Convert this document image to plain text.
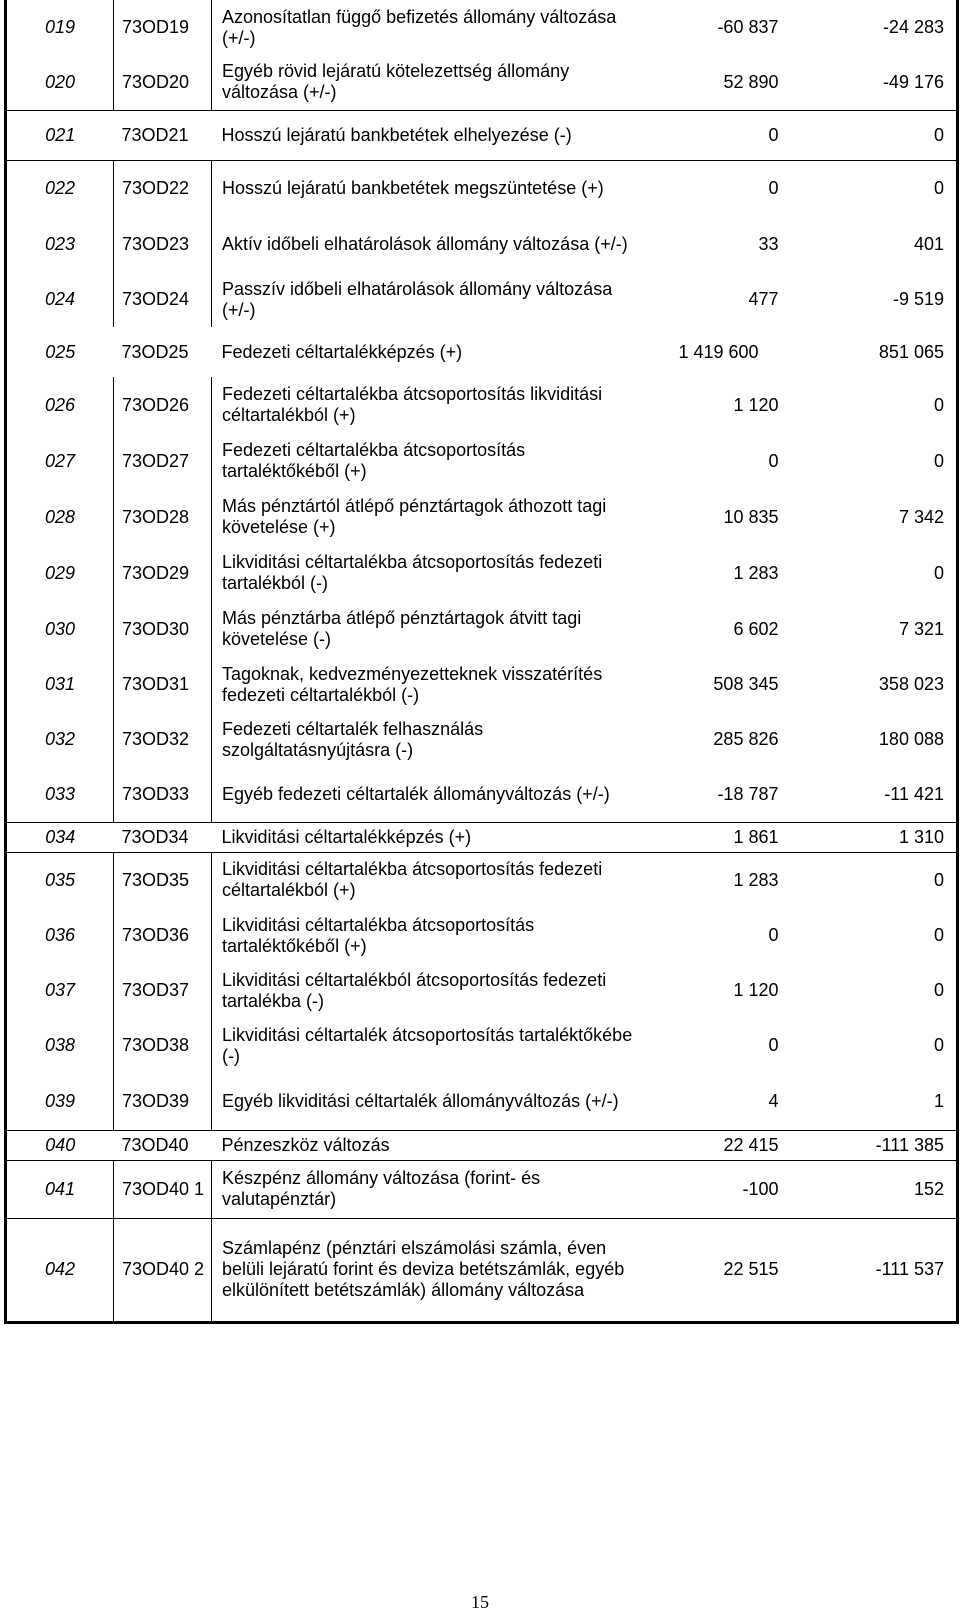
019	73OD19	Azonosítatlan függő befizetés állomány változása (+/-)	-60 837	-24 283
020	73OD20	Egyéb rövid lejáratú kötelezettség állomány változása (+/-)	52 890	-49 176
021	73OD21	Hosszú lejáratú bankbetétek elhelyezése (-)	0	0
022	73OD22	Hosszú lejáratú bankbetétek megszüntetése (+)	0	0
023	73OD23	Aktív időbeli elhatárolások állomány változása (+/-)	33	401
024	73OD24	Passzív időbeli elhatárolások állomány változása (+/-)	477	-9 519
025	73OD25	Fedezeti céltartalékképzés (+)	1 419 600	851 065
026	73OD26	Fedezeti céltartalékba átcsoportosítás likviditási céltartalékból (+)	1 120	0
027	73OD27	Fedezeti céltartalékba átcsoportosítás tartaléktőkéből (+)	0	0
028	73OD28	Más pénztártól átlépő pénztártagok áthozott tagi követelése (+)	10 835	7 342
029	73OD29	Likviditási céltartalékba átcsoportosítás fedezeti tartalékból (-)	1 283	0
030	73OD30	Más pénztárba átlépő pénztártagok átvitt tagi követelése (-)	6 602	7 321
031	73OD31	Tagoknak, kedvezményezetteknek visszatérítés fedezeti céltartalékból (-)	508 345	358 023
032	73OD32	Fedezeti céltartalék felhasználás szolgáltatásnyújtásra (-)	285 826	180 088
033	73OD33	Egyéb fedezeti céltartalék állományváltozás (+/-)	-18 787	-11 421
034	73OD34	Likviditási céltartalékképzés (+)	1 861	1 310
035	73OD35	Likviditási céltartalékba átcsoportosítás fedezeti céltartalékból (+)	1 283	0
036	73OD36	Likviditási céltartalékba átcsoportosítás tartaléktőkéből (+)	0	0
037	73OD37	Likviditási céltartalékból átcsoportosítás fedezeti tartalékba (-)	1 120	0
038	73OD38	Likviditási céltartalék átcsoportosítás tartaléktőkébe (-)	0	0
039	73OD39	Egyéb likviditási céltartalék állományváltozás (+/-)	4	1
040	73OD40	Pénzeszköz változás	22 415	-111 385
041	73OD40 1	Készpénz állomány változása (forint- és valutapénztár)	-100	152
042	73OD40 2	Számlapénz (pénztári elszámolási számla, éven belüli lejáratú forint és deviza betétszámlák, egyéb elkülönített betétszámlák) állomány változása	22 515	-111 537
15
